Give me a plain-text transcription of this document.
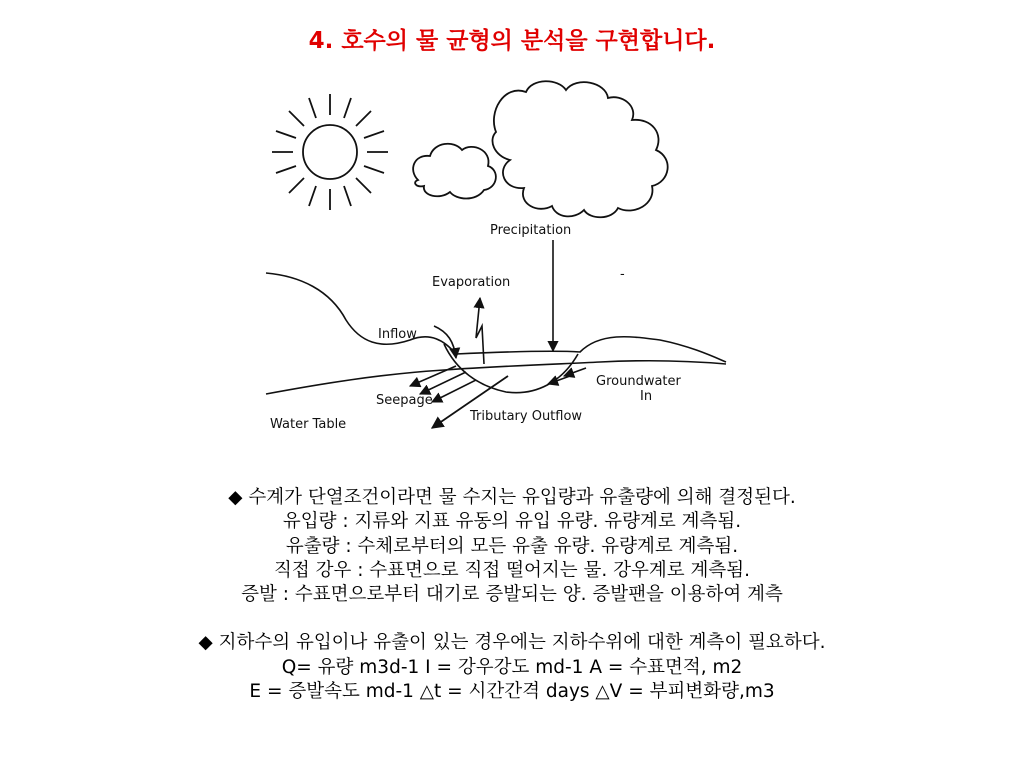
4. 호수의 물 균형의 분석을 구현합니다.
Precipitation
Evaporation
-
Inflow
Groundwater
In
Seepage
Tributary Outflow
Water Table
◆ 수계가 단열조건이라면 물 수지는 유입량과 유출량에 의해 결정된다.
유입량 : 지류와 지표 유동의 유입 유량. 유량계로 계측됨.
유출량 : 수체로부터의 모든 유출 유량. 유량계로 계측됨.
직접 강우 : 수표면으로 직접 떨어지는 물. 강우계로 계측됨.
증발 : 수표면으로부터 대기로 증발되는 양. 증발팬을 이용하여 계측
◆ 지하수의 유입이나 유출이 있는 경우에는 지하수위에 대한 계측이 필요하다.
Q= 유량 m3d-1 I = 강우강도 md-1 A = 수표면적, m2
E = 증발속도 md-1 △t = 시간간격 days △V = 부피변화량,m3
